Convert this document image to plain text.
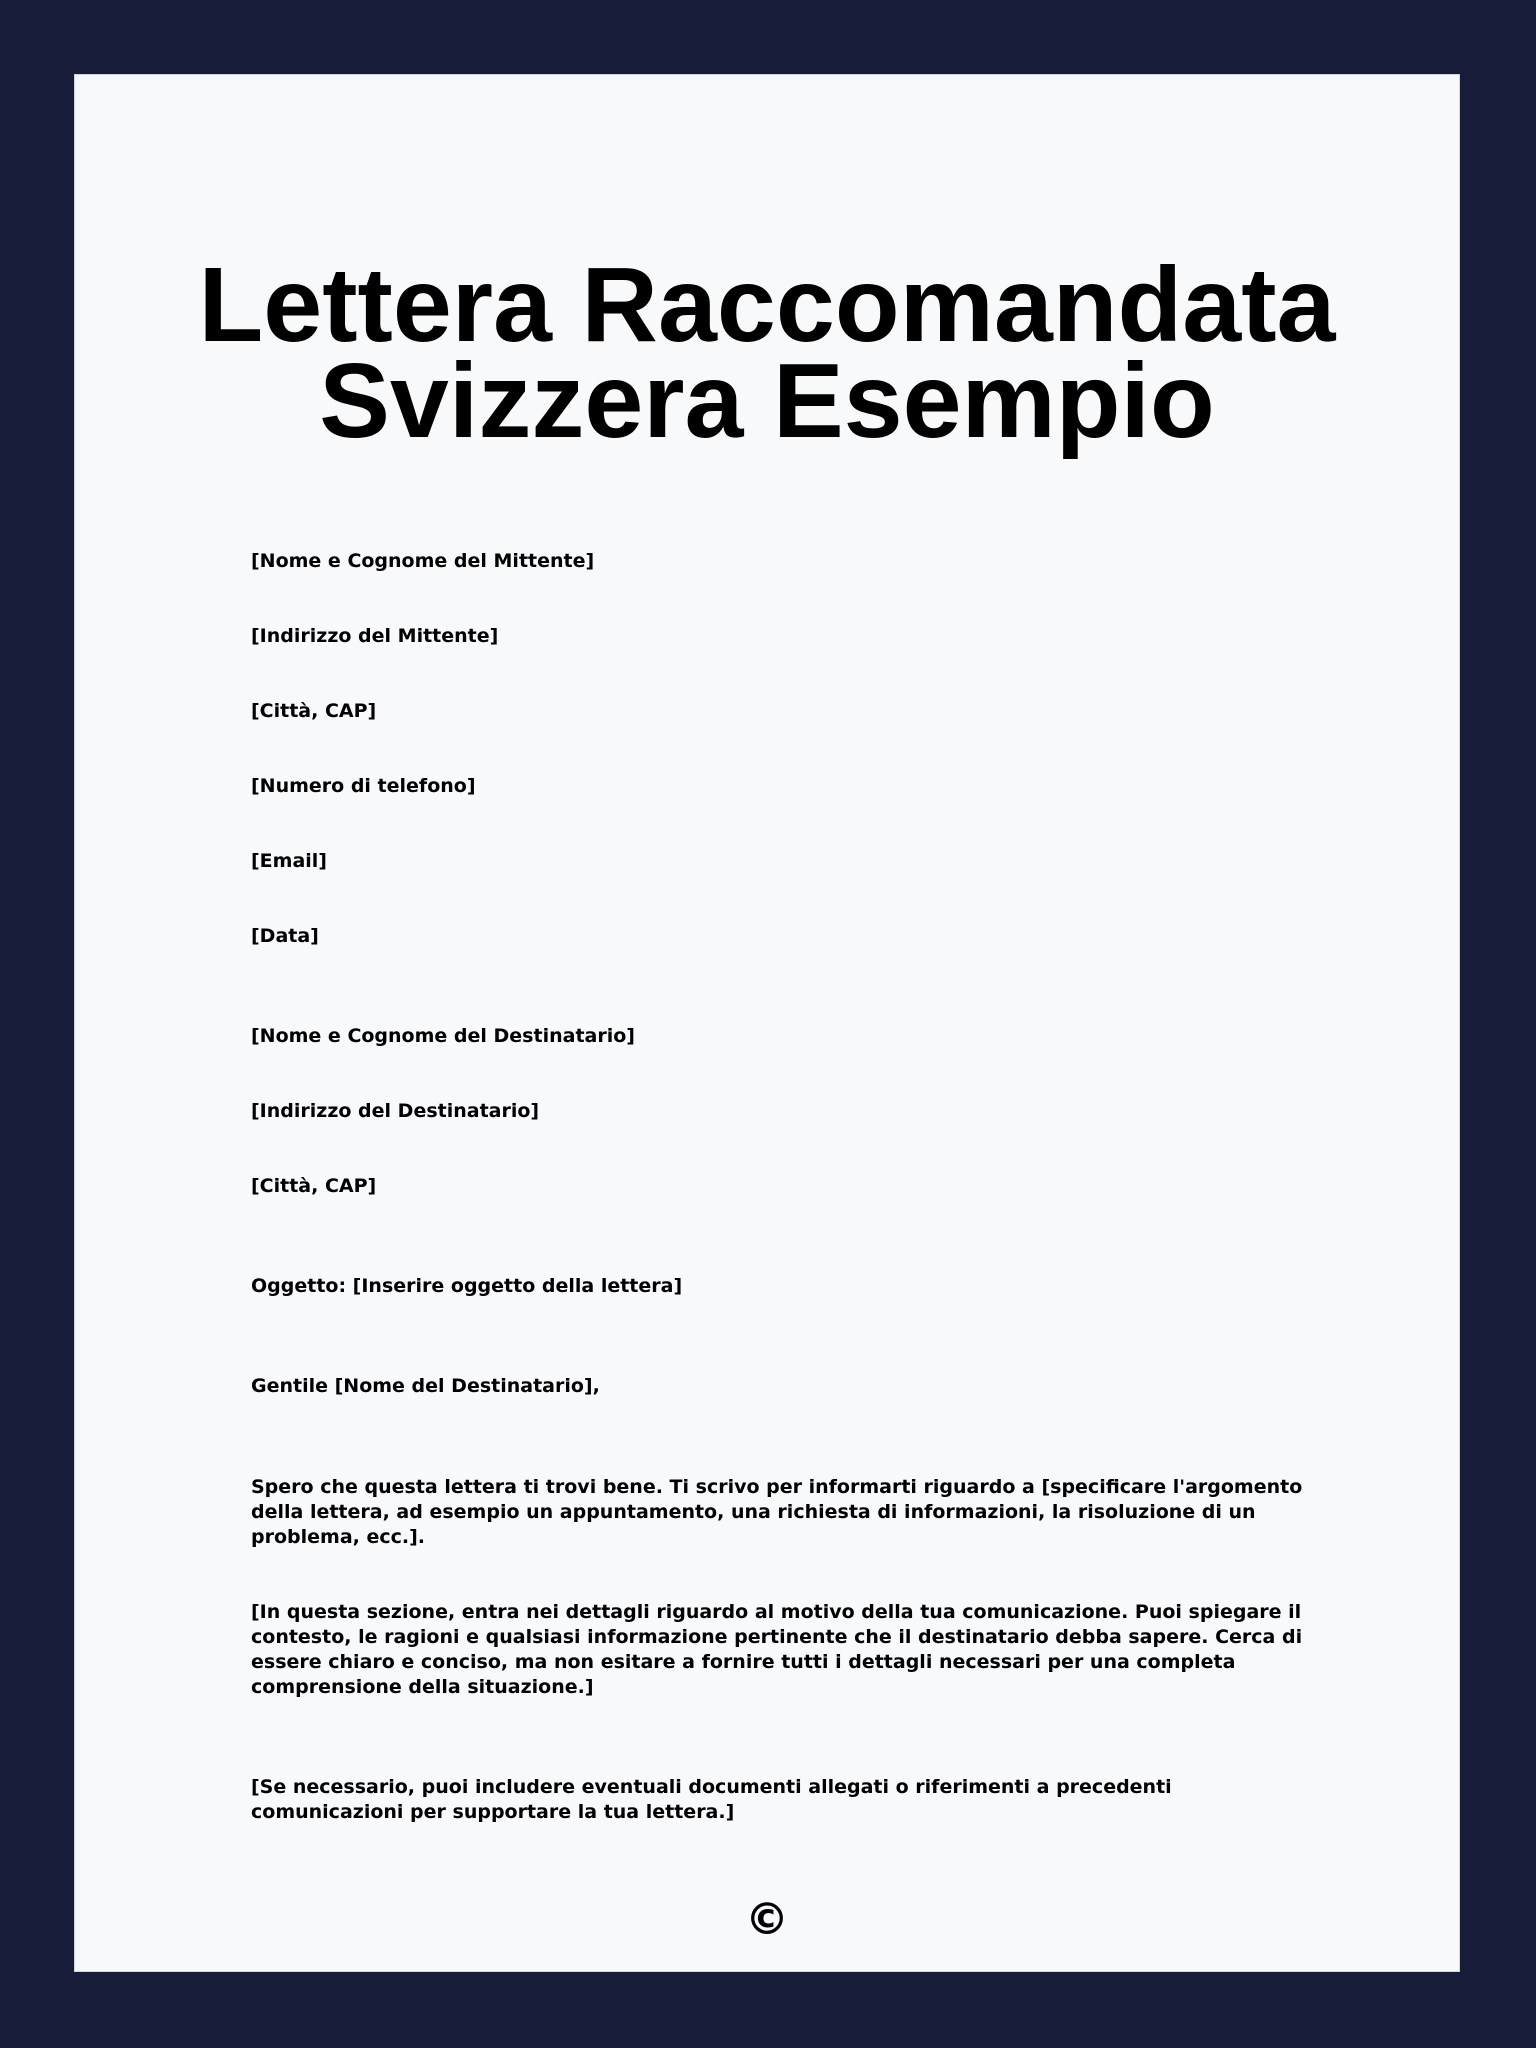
Lettera Raccomandata
Svizzera Esempio

[Nome e Cognome del Mittente]

[Indirizzo del Mittente]

[Città, CAP]

[Numero di telefono]

[Email]

[Data]

[Nome e Cognome del Destinatario]

[Indirizzo del Destinatario]

[Città, CAP]

Oggetto: [Inserire oggetto della lettera]

Gentile [Nome del Destinatario],

Spero che questa lettera ti trovi bene. Ti scrivo per informarti riguardo a [specificare l'argomento della lettera, ad esempio un appuntamento, una richiesta di informazioni, la risoluzione di un problema, ecc.].

[In questa sezione, entra nei dettagli riguardo al motivo della tua comunicazione. Puoi spiegare il contesto, le ragioni e qualsiasi informazione pertinente che il destinatario debba sapere. Cerca di essere chiaro e conciso, ma non esitare a fornire tutti i dettagli necessari per una completa comprensione della situazione.]

[Se necessario, puoi includere eventuali documenti allegati o riferimenti a precedenti comunicazioni per supportare la tua lettera.]

©
